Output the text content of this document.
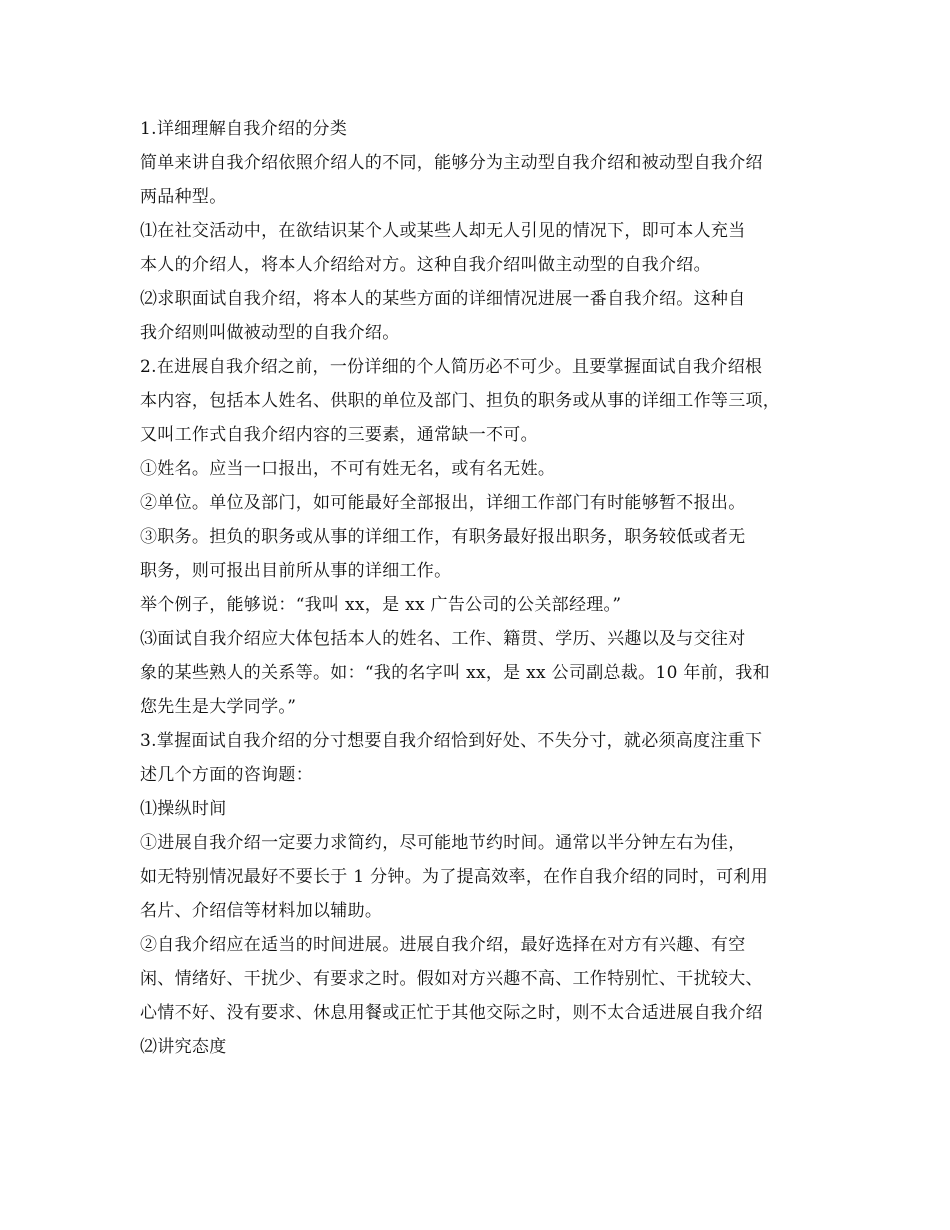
1.详细理解自我介绍的分类
简单来讲自我介绍依照介绍人的不同，能够分为主动型自我介绍和被动型自我介绍
两品种型。
⑴在社交活动中，在欲结识某个人或某些人却无人引见的情况下，即可本人充当
本人的介绍人，将本人介绍给对方。这种自我介绍叫做主动型的自我介绍。
⑵求职面试自我介绍，将本人的某些方面的详细情况进展一番自我介绍。这种自
我介绍则叫做被动型的自我介绍。
2.在进展自我介绍之前，一份详细的个人简历必不可少。且要掌握面试自我介绍根
本内容，包括本人姓名、供职的单位及部门、担负的职务或从事的详细工作等三项，
又叫工作式自我介绍内容的三要素，通常缺一不可。
①姓名。应当一口报出，不可有姓无名，或有名无姓。
②单位。单位及部门，如可能最好全部报出，详细工作部门有时能够暂不报出。
③职务。担负的职务或从事的详细工作，有职务最好报出职务，职务较低或者无
职务，则可报出目前所从事的详细工作。
举个例子，能够说：“我叫 xx，是 xx 广告公司的公关部经理。”
⑶面试自我介绍应大体包括本人的姓名、工作、籍贯、学历、兴趣以及与交往对
象的某些熟人的关系等。如：“我的名字叫 xx，是 xx 公司副总裁。10 年前，我和
您先生是大学同学。”
3.掌握面试自我介绍的分寸想要自我介绍恰到好处、不失分寸，就必须高度注重下
述几个方面的咨询题：
⑴操纵时间
①进展自我介绍一定要力求简约，尽可能地节约时间。通常以半分钟左右为佳，
如无特别情况最好不要长于 1 分钟。为了提高效率，在作自我介绍的同时，可利用
名片、介绍信等材料加以辅助。
②自我介绍应在适当的时间进展。进展自我介绍，最好选择在对方有兴趣、有空
闲、情绪好、干扰少、有要求之时。假如对方兴趣不高、工作特别忙、干扰较大、
心情不好、没有要求、休息用餐或正忙于其他交际之时，则不太合适进展自我介绍
⑵讲究态度
